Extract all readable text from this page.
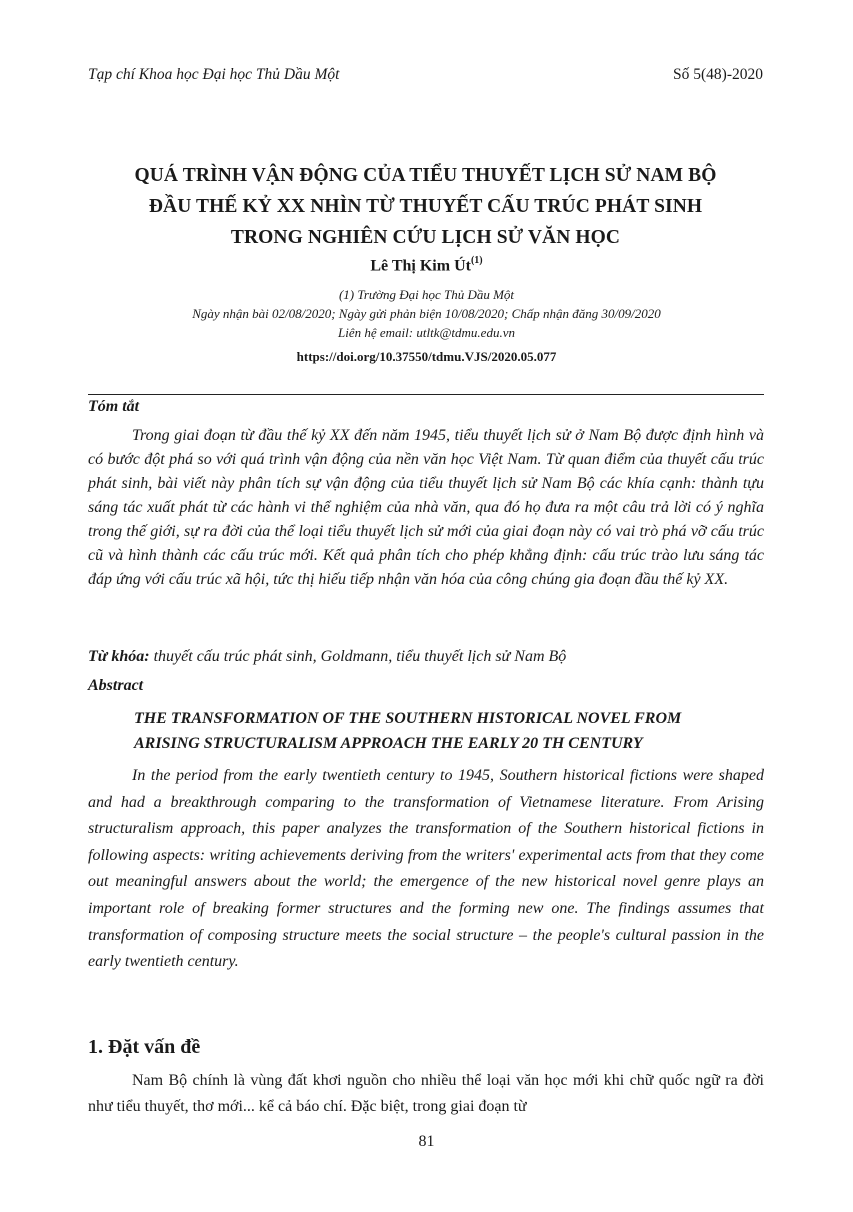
Tạp chí Khoa học Đại học Thủ Dầu Một	Số 5(48)-2020
QUÁ TRÌNH VẬN ĐỘNG CỦA TIỂU THUYẾT LỊCH SỬ NAM BỘ
ĐẦU THẾ KỶ XX NHÌN TỪ THUYẾT CẤU TRÚC PHÁT SINH
TRONG NGHIÊN CỨU LỊCH SỬ VĂN HỌC
Lê Thị Kim $Út^{(1)}$
(1) Trường Đại học Thủ Dầu Một
Ngày nhận bài 02/08/2020; Ngày gửi phản biện 10/08/2020; Chấp nhận đăng 30/09/2020
Liên hệ email: utltk@tdmu.edu.vn
https://doi.org/10.37550/tdmu.VJS/2020.05.077
Tóm tắt
Trong giai đoạn từ đầu thế kỷ XX đến năm 1945, tiểu thuyết lịch sử ở Nam Bộ được định hình và có bước đột phá so với quá trình vận động của nền văn học Việt Nam. Từ quan điểm của thuyết cấu trúc phát sinh, bài viết này phân tích sự vận động của tiểu thuyết lịch sử Nam Bộ các khía cạnh: thành tựu sáng tác xuất phát từ các hành vi thể nghiệm của nhà văn, qua đó họ đưa ra một câu trả lời có ý nghĩa trong thế giới, sự ra đời của thể loại tiểu thuyết lịch sử mới của giai đoạn này có vai trò phá vỡ cấu trúc cũ và hình thành các cấu trúc mới. Kết quả phân tích cho phép khẳng định: cấu trúc trào lưu sáng tác đáp ứng với cấu trúc xã hội, tức thị hiếu tiếp nhận văn hóa của công chúng gia đoạn đầu thế kỷ XX.
Từ khóa: thuyết cấu trúc phát sinh, Goldmann, tiểu thuyết lịch sử Nam Bộ
Abstract
THE TRANSFORMATION OF THE SOUTHERN HISTORICAL NOVEL FROM
ARISING STRUCTURALISM APPROACH THE EARLY 20 TH CENTURY
In the period from the early twentieth century to 1945, Southern historical fictions were shaped and had a breakthrough comparing to the transformation of Vietnamese literature. From Arising structuralism approach, this paper analyzes the transformation of the Southern historical fictions in following aspects: writing achievements deriving from the writers' experimental acts from that they come out meaningful answers about the world; the emergence of the new historical novel genre plays an important role of breaking former structures and the forming new one. The findings assumes that transformation of composing structure meets the social structure – the people's cultural passion in the early twentieth century.
1. Đặt vấn đề
Nam Bộ chính là vùng đất khơi nguồn cho nhiều thể loại văn học mới khi chữ quốc ngữ ra đời như tiểu thuyết, thơ mới... kể cả báo chí. Đặc biệt, trong giai đoạn từ
81
